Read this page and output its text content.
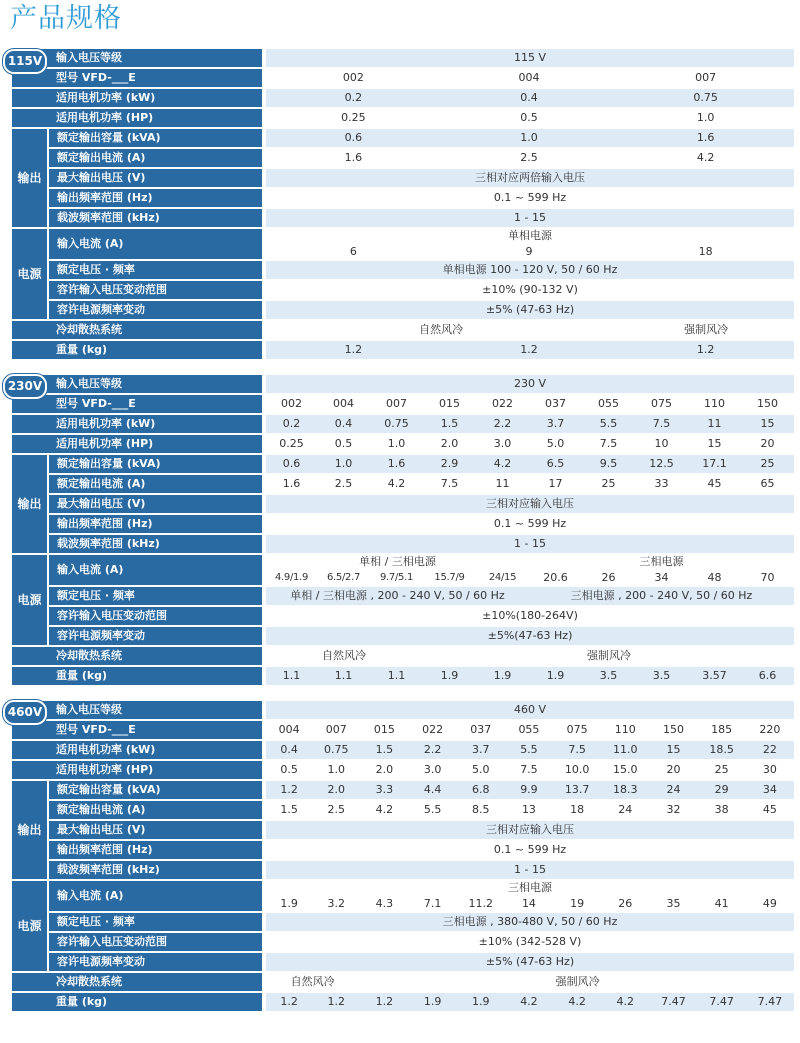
产品规格
115V	输入电压等级		115 V		
型号 VFD-___E		002	004	007
适用电机功率 (kW)		0.2	0.4	0.75
适用电机功率 (HP)		0.25	0.5	1.0
输出	额定输出容量 (kVA)	0.6	1.0	1.6
	额定输出电流 (A)	1.6	2.5	4.2
	最大输出电压 (V)	三相对应两倍输入电压		
	输出频率范围 (Hz)	0.1 ~ 599 Hz		
	载波频率范围 (kHz)	1 - 15		
电源	输入电流 (A)	单相电源		
		6	9	18
	额定电压 · 频率	单相电源 100 - 120 V, 50 / 60 Hz		
	容许输入电压变动范围	±10% (90-132 V)		
	容许电源频率变动	±5% (47-63 Hz)		
冷却散热系统		自然风冷		强制风冷
重量 (kg)		1.2	1.2	1.2
230V	输入电压等级		230 V									
型号 VFD-___E		002	004	007	015	022	037	055	075	110	150
适用电机功率 (kW)		0.2	0.4	0.75	1.5	2.2	3.7	5.5	7.5	11	15
适用电机功率 (HP)		0.25	0.5	1.0	2.0	3.0	5.0	7.5	10	15	20
输出	额定输出容量 (kVA)	0.6	1.0	1.6	2.9	4.2	6.5	9.5	12.5	17.1	25
	额定输出电流 (A)	1.6	2.5	4.2	7.5	11	17	25	33	45	65
	最大输出电压 (V)	三相对应输入电压									
	输出频率范围 (Hz)	0.1 ~ 599 Hz									
	载波频率范围 (kHz)	1 - 15									
电源	输入电流 (A)	单相 / 三相电源					三相电源				
		4.9/1.9	6.5/2.7	9.7/5.1	15.7/9	24/15	20.6	26	34	48	70
	额定电压 · 频率	单相 / 三相电源 , 200 - 240 V, 50 / 60 Hz					三相电源 , 200 - 240 V, 50 / 60 Hz				
	容许输入电压变动范围	±10%(180-264V)									
	容许电源频率变动	±5%(47-63 Hz)									
冷却散热系统		自然风冷			强制风冷						
重量 (kg)		1.1	1.1	1.1	1.9	1.9	1.9	3.5	3.5	3.57	6.6
460V	输入电压等级		460 V										
型号 VFD-___E		004	007	015	022	037	055	075	110	150	185	220
适用电机功率 (kW)		0.4	0.75	1.5	2.2	3.7	5.5	7.5	11.0	15	18.5	22
适用电机功率 (HP)		0.5	1.0	2.0	3.0	5.0	7.5	10.0	15.0	20	25	30
输出	额定输出容量 (kVA)	1.2	2.0	3.3	4.4	6.8	9.9	13.7	18.3	24	29	34
	额定输出电流 (A)	1.5	2.5	4.2	5.5	8.5	13	18	24	32	38	45
	最大输出电压 (V)	三相对应输入电压										
	输出频率范围 (Hz)	0.1 ~ 599 Hz										
	载波频率范围 (kHz)	1 - 15										
电源	输入电流 (A)	三相电源										
		1.9	3.2	4.3	7.1	11.2	14	19	26	35	41	49
	额定电压 · 频率	三相电源 , 380-480 V, 50 / 60 Hz										
	容许输入电压变动范围	±10% (342-528 V)										
	容许电源频率变动	±5% (47-63 Hz)										
冷却散热系统		自然风冷		强制风冷								
重量 (kg)		1.2	1.2	1.2	1.9	1.9	4.2	4.2	4.2	7.47	7.47	7.47
